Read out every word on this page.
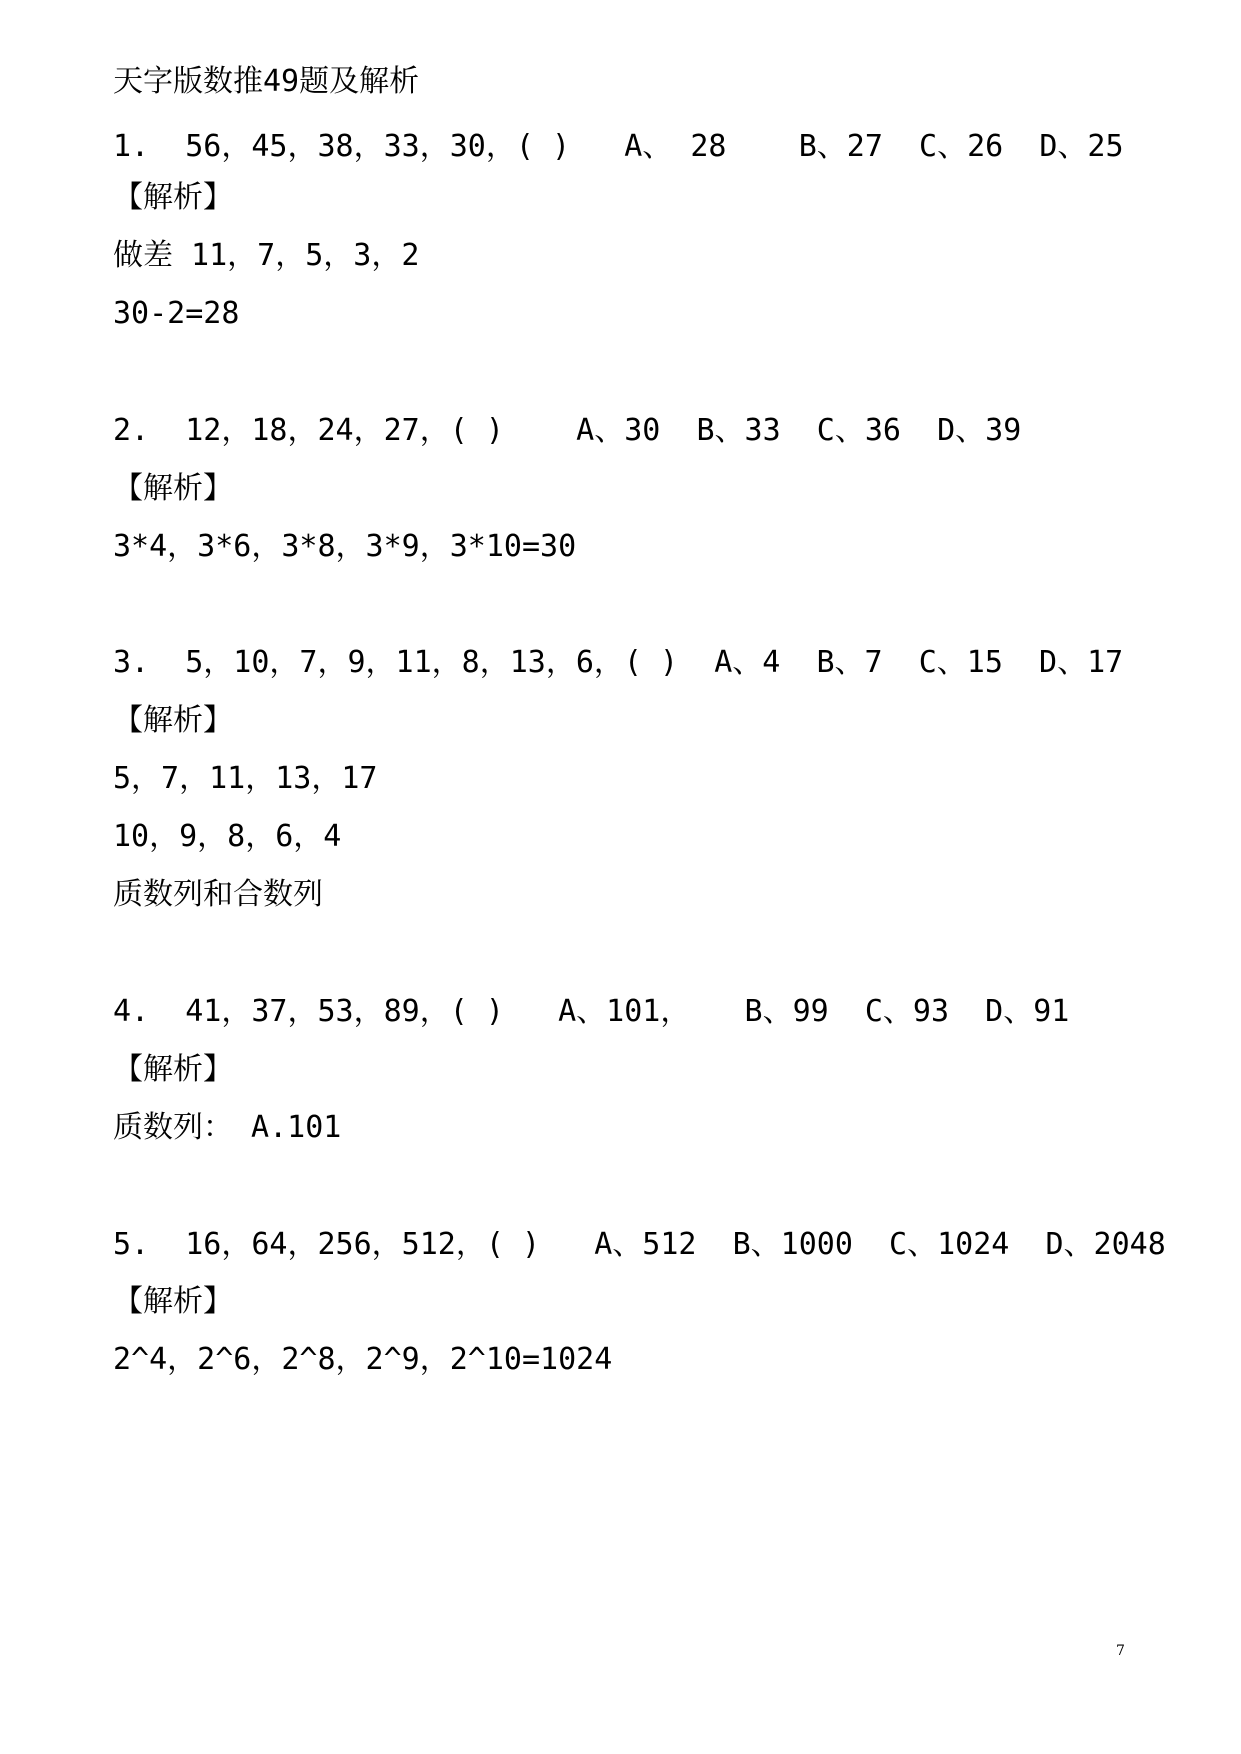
天字版数推49题及解析

1.  56，45，38，33，30，( )   A、 28    B、27  C、26  D、25

【解析】

做差 11，7，5，3，2

30-2=28

2.  12，18，24，27，( )    A、30  B、33  C、36  D、39

【解析】

3*4，3*6，3*8，3*9，3*10=30

3.  5，10，7，9，11，8，13，6，( )  A、4  B、7  C、15  D、17

【解析】

5，7，11，13，17

10，9，8，6，4

质数列和合数列

4.  41，37，53，89，( )   A、101，   B、99  C、93  D、91

【解析】

质数列： A.101

5.  16，64，256，512，( )   A、512  B、1000  C、1024  D、2048

【解析】

2^4，2^6，2^8，2^9，2^10=1024

7
